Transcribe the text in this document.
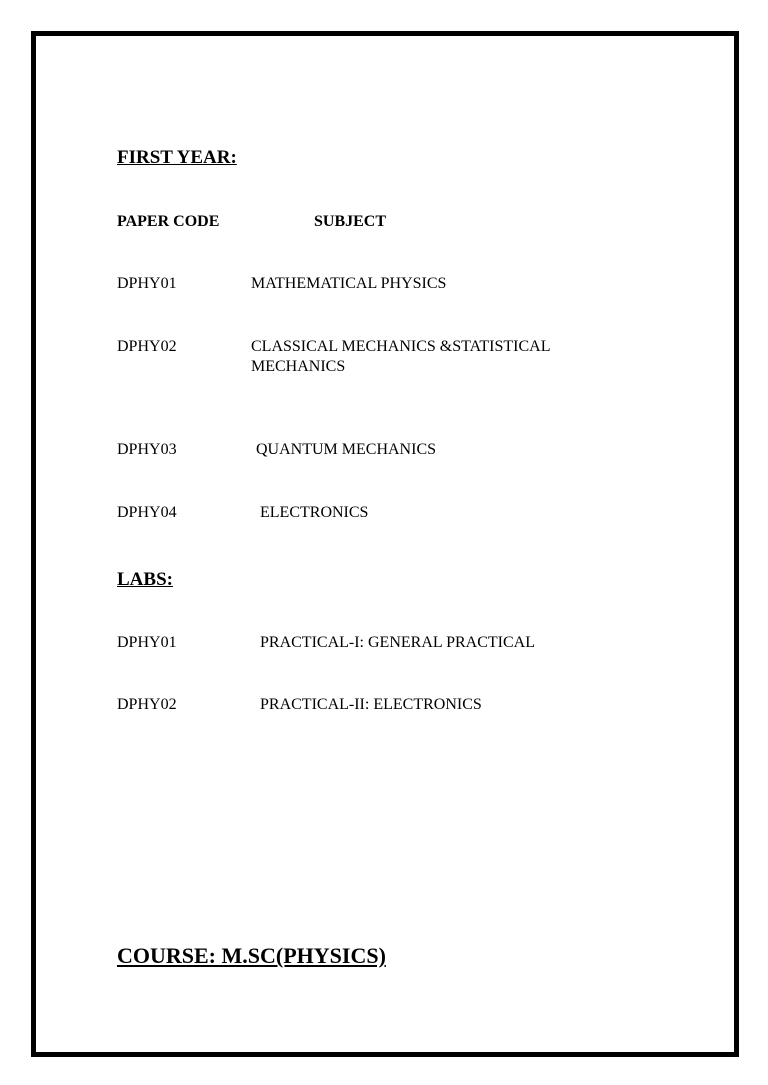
FIRST YEAR:
PAPER CODE	SUBJECT
DPHY01	MATHEMATICAL PHYSICS
DPHY02	CLASSICAL MECHANICS &STATISTICAL
MECHANICS
DPHY03	QUANTUM MECHANICS
DPHY04	ELECTRONICS
LABS:
DPHY01	PRACTICAL-I: GENERAL PRACTICAL
DPHY02	PRACTICAL-II: ELECTRONICS
COURSE: M.SC(PHYSICS)
